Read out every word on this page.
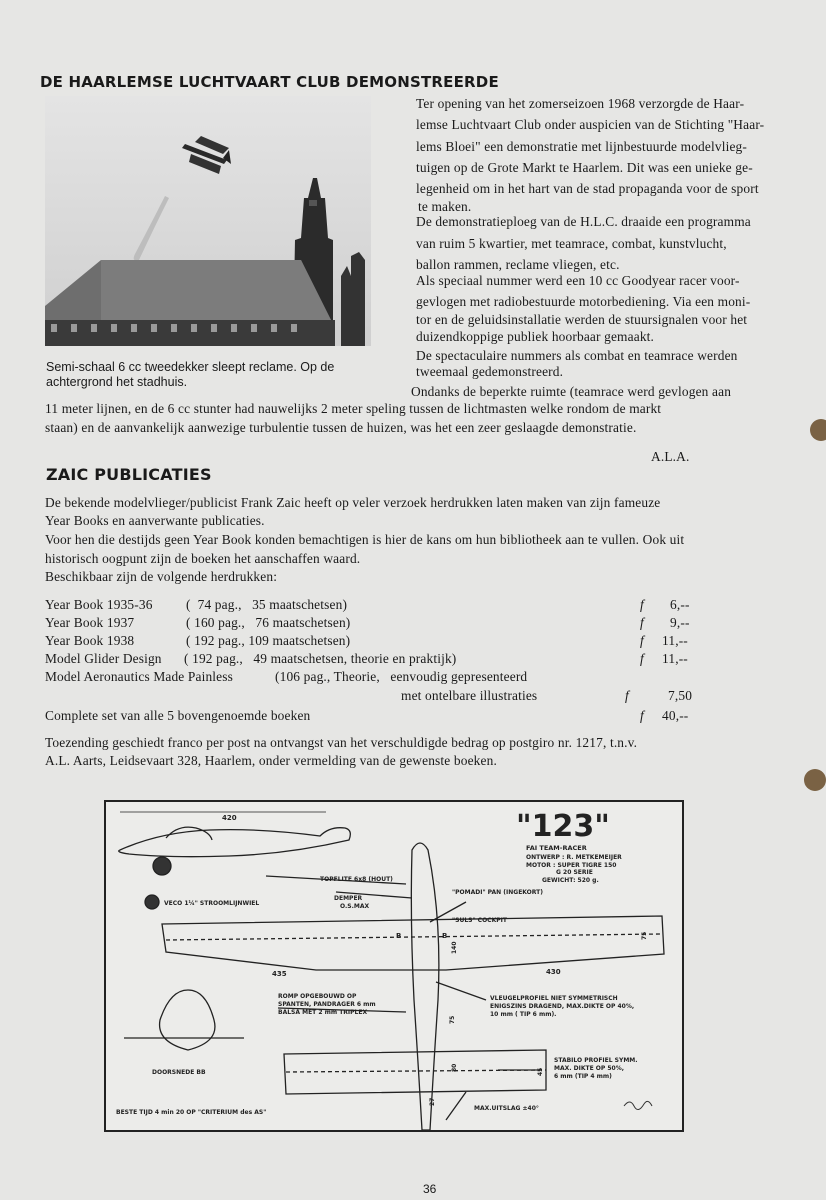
DE HAARLEMSE LUCHTVAART CLUB DEMONSTREERDE
Semi-schaal 6 cc tweedekker sleept reclame. Op de
achtergrond het stadhuis.
Ter opening van het zomerseizoen 1968 verzorgde de Haar-
lemse Luchtvaart Club onder auspicien van de Stichting "Haar-
lems Bloei" een demonstratie met lijnbestuurde modelvlieg-
tuigen op de Grote Markt te Haarlem. Dit was een unieke ge-
legenheid om in het hart van de stad propaganda voor de sport
te maken.
De demonstratieploeg van de H.L.C. draaide een programma
van ruim 5 kwartier, met teamrace, combat, kunstvlucht,
ballon rammen, reclame vliegen, etc.
Als speciaal nummer werd een 10 cc Goodyear racer voor-
gevlogen met radiobestuurde motorbediening. Via een moni-
tor en de geluidsinstallatie werden de stuursignalen voor het
duizendkoppige publiek hoorbaar gemaakt.
De spectaculaire nummers als combat en teamrace werden
tweemaal gedemonstreerd.
Ondanks de beperkte ruimte (teamrace werd gevlogen aan
11 meter lijnen, en de 6 cc stunter had nauwelijks 2 meter speling tussen de lichtmasten welke rondom de markt
staan) en de aanvankelijk aanwezige turbulentie tussen de huizen, was het een zeer geslaagde demonstratie.
A.L.A.
ZAIC PUBLICATIES
De bekende modelvlieger/publicist Frank Zaic heeft op veler verzoek herdrukken laten maken van zijn fameuze
Year Books en aanverwante publicaties.
Voor hen die destijds geen Year Book konden bemachtigen is hier de kans om hun bibliotheek aan te vullen. Ook uit
historisch oogpunt zijn de boeken het aanschaffen waard.
Beschikbaar zijn de volgende herdrukken:
Year Book 1935-36 (  74 pag.,   35 maatschetsen)	f 6,--
Year Book 1937	( 160 pag.,   76 maatschetsen)	f 9,--
Year Book 1938	( 192 pag., 109 maatschetsen)	f 11,--
Model Glider Design ( 192 pag.,   49 maatschetsen, theorie en praktijk)	f 11,--
Model Aeronautics Made Painless	(106 pag., Theorie,   eenvoudig gepresenteerd
met ontelbare illustraties	f	7,50
Complete set van alle 5 bovengenoemde boeken	f 40,--
Toezending geschiedt franco per post na ontvangst van het verschuldigde bedrag op postgiro nr. 1217, t.n.v.
A.L. Aarts, Leidsevaart 328, Haarlem, onder vermelding van de gewenste boeken.
420	"123"
FAI TEAM-RACER
ONTWERP : R. METKEMEIJER
MOTOR : SUPER TIGRE 150
G 20 SERIE
GEWICHT: 520 g.
TOPFLITE 6x8 (HOUT)
"POMADI" PAN (INGEKORT)
DEMPER
O.S.MAX
VECO 1¼" STROOMLIJNWIEL
"SULS" COCKPIT
B	B
140
75
435	430
ROMP OPGEBOUWD OP
SPANTEN, PANDRAGER 6 mm
BALSA MET 2 mm TRIPLEX
VLEUGELPROFIEL NIET SYMMETRISCH
ENIGSZINS DRAGEND, MAX.DIKTE OP 40%,
10 mm ( TIP 6 mm).
75
80	45
27
STABILO PROFIEL SYMM.
MAX. DIKTE OP 50%,
6 mm (TIP 4 mm)
DOORSNEDE BB
MAX.UITSLAG ±40°
BESTE TIJD 4 min 20 OP "CRITERIUM des AS"
36
